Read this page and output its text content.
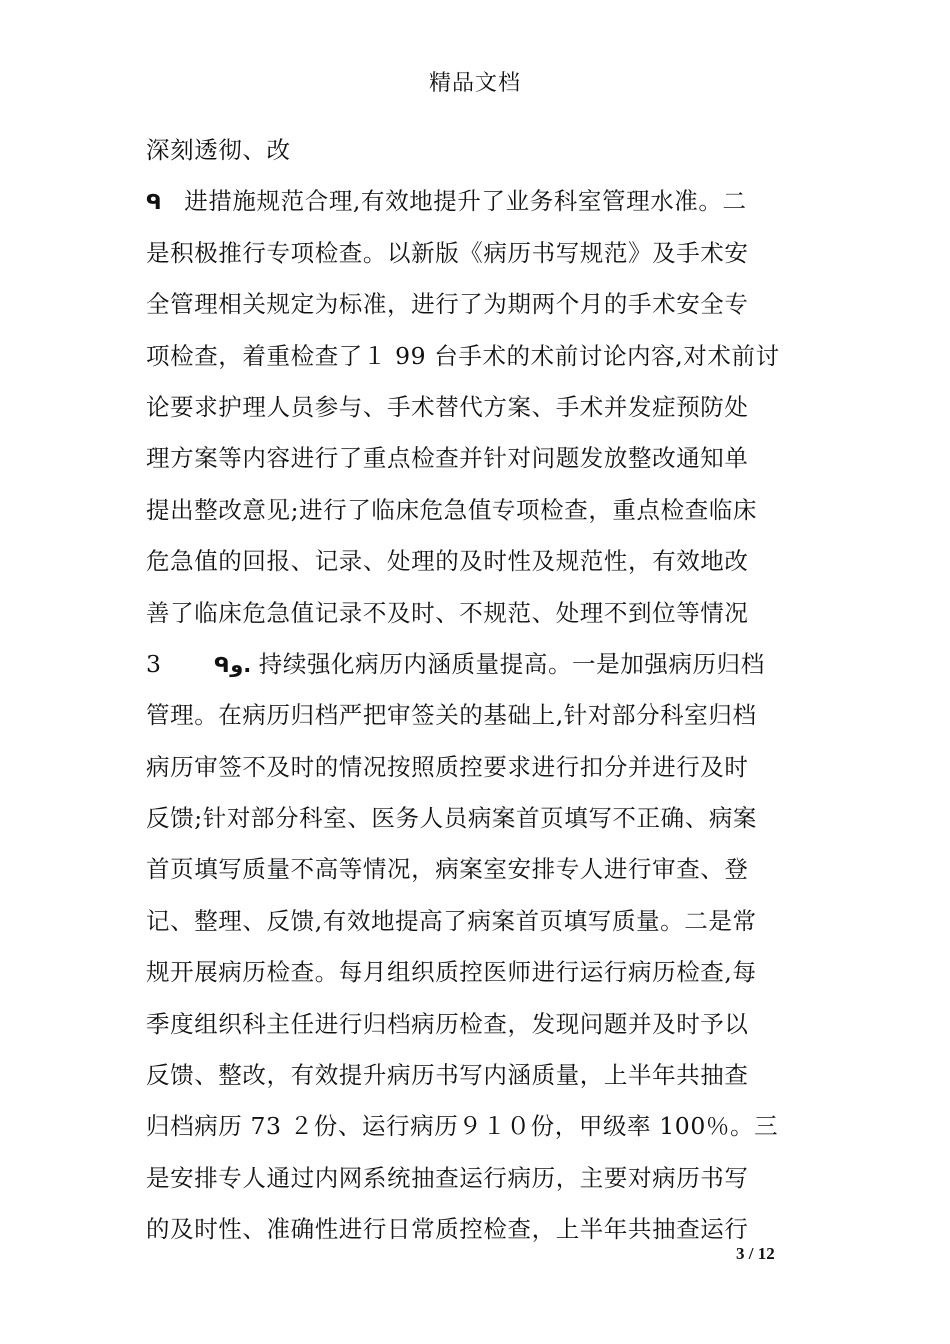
精品文档
深刻透彻、改
ᑫ 进措施规范合理,有效地提升了业务科室管理水准。二
是积极推行专项检查。以新版《病历书写规范》及手术安
全管理相关规定为标准，进行了为期两个月的手术安全专
项检查，着重检查了１ 99 台手术的术前讨论内容,对术前讨
论要求护理人员参与、手术替代方案、手术并发症预防处
理方案等内容进行了重点检查并针对问题发放整改通知单
提出整改意见;进行了临床危急值专项检查，重点检查临床
危急值的回报、记录、处理的及时性及规范性，有效地改
善了临床危急值记录不及时、不规范、处理不到位等情况
3 ᑫو. 持续强化病历内涵质量提高。一是加强病历归档
管理。在病历归档严把审签关的基础上,针对部分科室归档
病历审签不及时的情况按照质控要求进行扣分并进行及时
反馈;针对部分科室、医务人员病案首页填写不正确、病案
首页填写质量不高等情况，病案室安排专人进行审查、登
记、整理、反馈,有效地提高了病案首页填写质量。二是常
规开展病历检查。每月组织质控医师进行运行病历检查,每
季度组织科主任进行归档病历检查，发现问题并及时予以
反馈、整改，有效提升病历书写内涵质量，上半年共抽查
归档病历 73 ２份、运行病历９１０份，甲级率 100％。三
是安排专人通过内网系统抽查运行病历，主要对病历书写
的及时性、准确性进行日常质控检查，上半年共抽查运行
3 / 12
